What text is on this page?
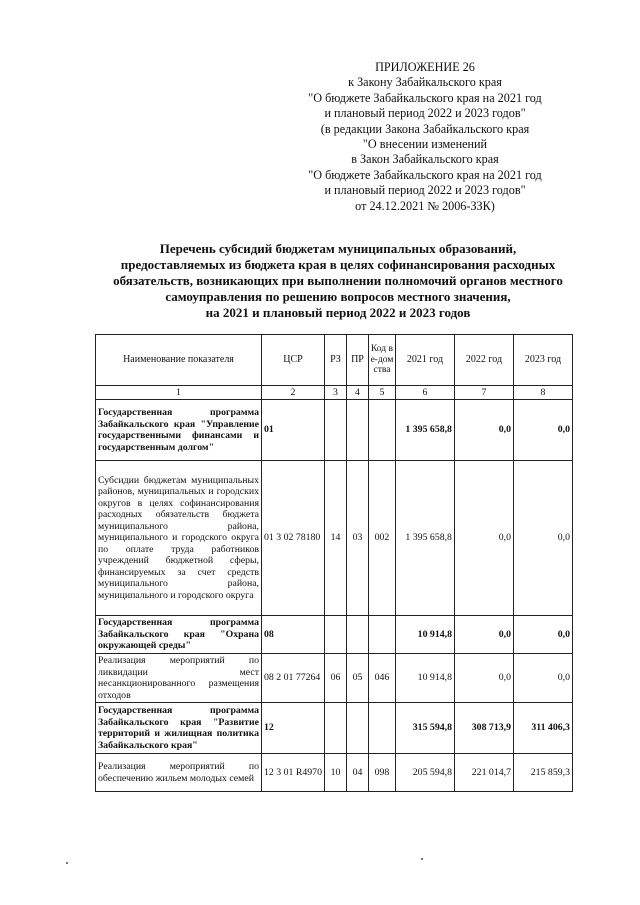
ПРИЛОЖЕНИЕ 26
к Закону Забайкальского края
"О бюджете Забайкальского края на 2021 год
и плановый период 2022 и 2023 годов"
(в редакции Закона Забайкальского края
"О внесении изменений
в Закон Забайкальского края
"О бюджете Забайкальского края на 2021 год
и плановый период 2022 и 2023 годов"
от 24.12.2021 № 2006-ЗЗК)
Перечень субсидий бюджетам муниципальных образований,
предоставляемых из бюджета края в целях софинансирования расходных
обязательств, возникающих при выполнении полномочий органов местного
самоуправления по решению вопросов местного значения,
на 2021 и плановый период 2022 и 2023 годов
Наименование показателя	ЦСР	РЗ	ПР	Код ве-домства	2021 год	2022 год	2023 год
1	2	3	4	5	6	7	8
Государственная программа Забайкальского края "Управление государственными финансами и государственным долгом"	01				1 395 658,8	0,0	0,0
Субсидии бюджетам муниципальных районов, муниципальных и городских округов в целях софинансирования расходных обязательств бюджета муниципального района, муниципального и городского округа по оплате труда работников учреждений бюджетной сферы, финансируемых за счет средств муниципального района, муниципального и городского округа	01 3 02 78180	14	03	002	1 395 658,8	0,0	0,0
Государственная программа Забайкальского края "Охрана окружающей среды"	08				10 914,8	0,0	0,0
Реализация мероприятий по ликвидации мест несанкционированного размещения отходов	08 2 01 77264	06	05	046	10 914,8	0,0	0,0
Государственная программа Забайкальского края "Развитие территорий и жилищная политика Забайкальского края"	12				315 594,8	308 713,9	311 406,3
Реализация мероприятий по обеспечению жильем молодых семей	12 3 01 R4970	10	04	098	205 594,8	221 014,7	215 859,3
